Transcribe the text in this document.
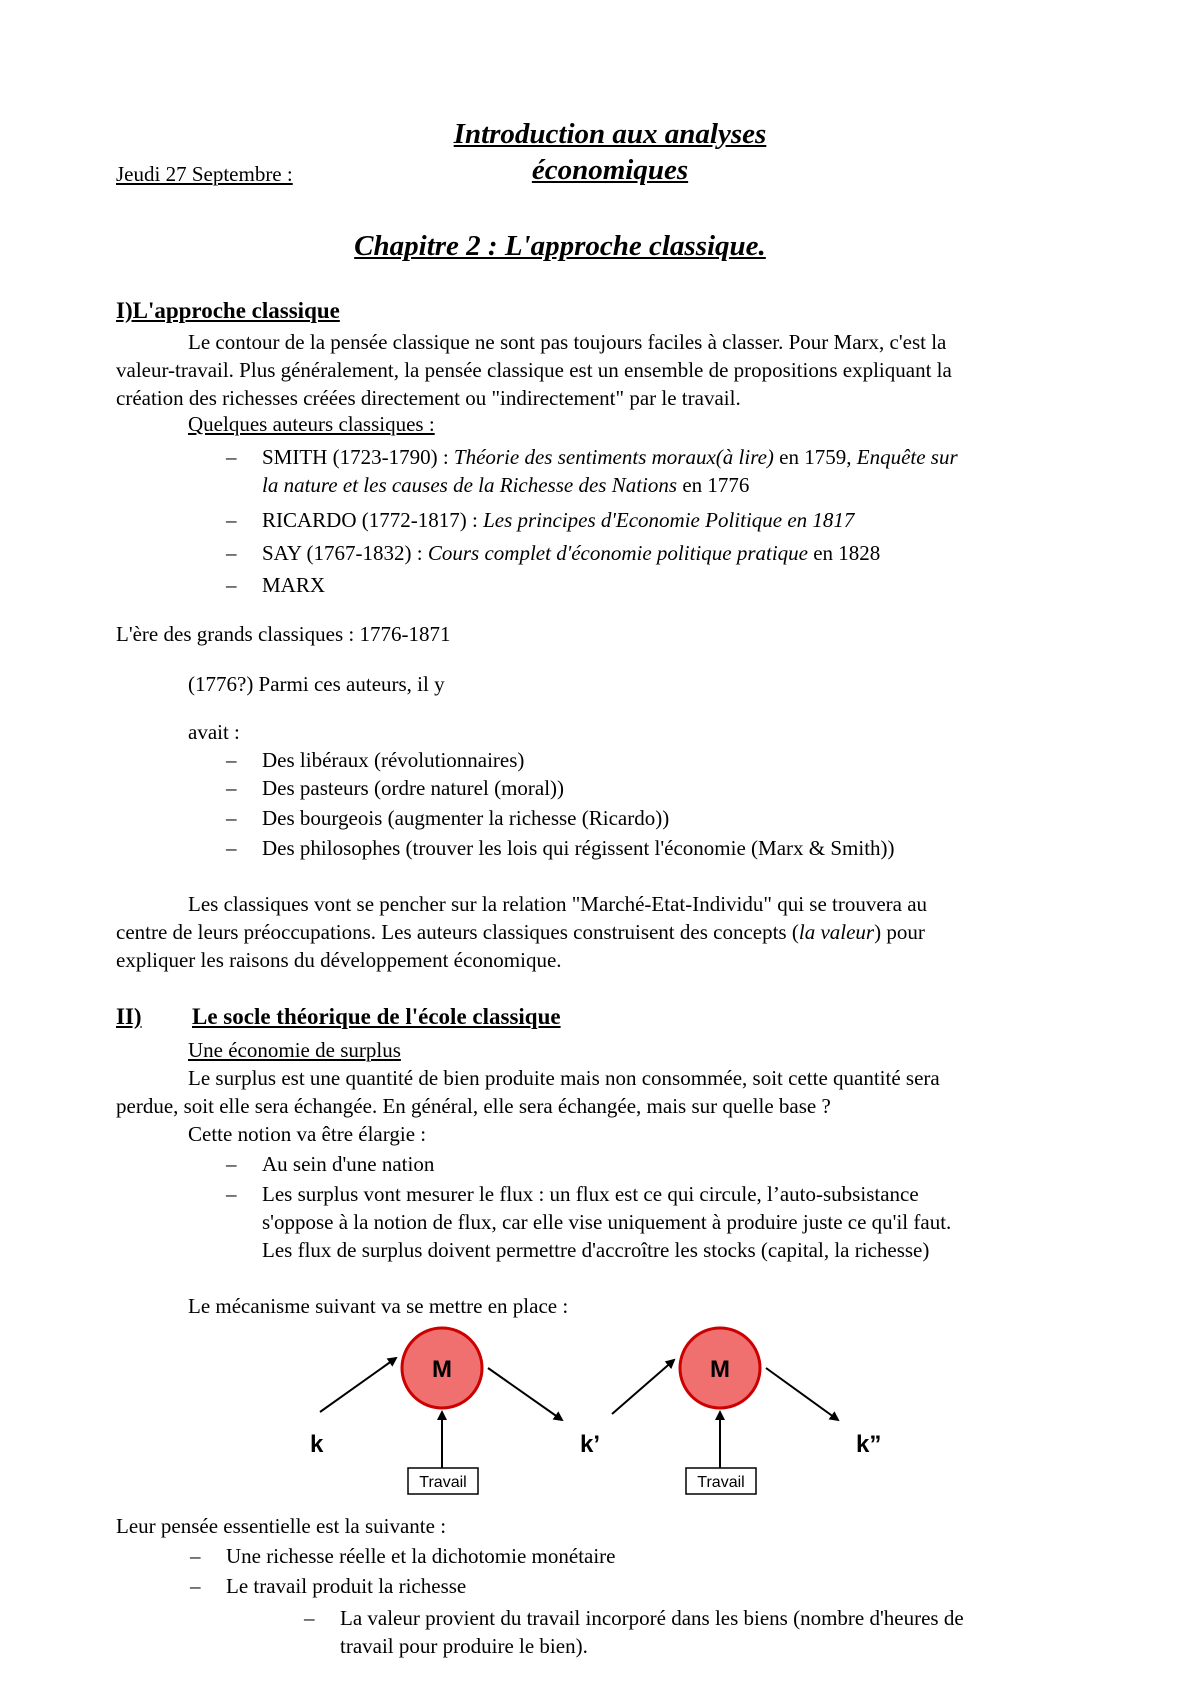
Jeudi 27 Septembre :
Introduction aux analyses
économiques
Chapitre 2 : L'approche classique.
I)L'approche classique
Le contour de la pensée classique ne sont pas toujours faciles à classer. Pour Marx, c'est la
valeur-travail. Plus généralement, la pensée classique est un ensemble de propositions expliquant la
création des richesses créées directement ou "indirectement" par le travail.
Quelques auteurs classiques :
– SMITH (1723-1790) : Théorie des sentiments moraux(à lire) en 1759, Enquête sur
la nature et les causes de la Richesse des Nations en 1776
– RICARDO (1772-1817) : Les principes d'Economie Politique en 1817
– SAY (1767-1832) : Cours complet d'économie politique pratique en 1828
– MARX
L'ère des grands classiques : 1776-1871
(1776?) Parmi ces auteurs, il y
avait :
– Des libéraux (révolutionnaires)
– Des pasteurs (ordre naturel (moral))
– Des bourgeois (augmenter la richesse (Ricardo))
– Des philosophes (trouver les lois qui régissent l'économie (Marx & Smith))
Les classiques vont se pencher sur la relation "Marché-Etat-Individu" qui se trouvera au
centre de leurs préoccupations. Les auteurs classiques construisent des concepts (la valeur) pour
expliquer les raisons du développement économique.
II) Le socle théorique de l'école classique
Une économie de surplus
Le surplus est une quantité de bien produite mais non consommée, soit cette quantité sera
perdue, soit elle sera échangée. En général, elle sera échangée, mais sur quelle base ?
Cette notion va être élargie :
– Au sein d'une nation
– Les surplus vont mesurer le flux : un flux est ce qui circule, l’auto-subsistance
s'oppose à la notion de flux, car elle vise uniquement à produire juste ce qu'il faut.
Les flux de surplus doivent permettre d'accroître les stocks (capital, la richesse)
Le mécanisme suivant va se mettre en place :
M	M
k	k’	k”
Travail	Travail
Leur pensée essentielle est la suivante :
– Une richesse réelle et la dichotomie monétaire
– Le travail produit la richesse
– La valeur provient du travail incorporé dans les biens (nombre d'heures de
travail pour produire le bien).
